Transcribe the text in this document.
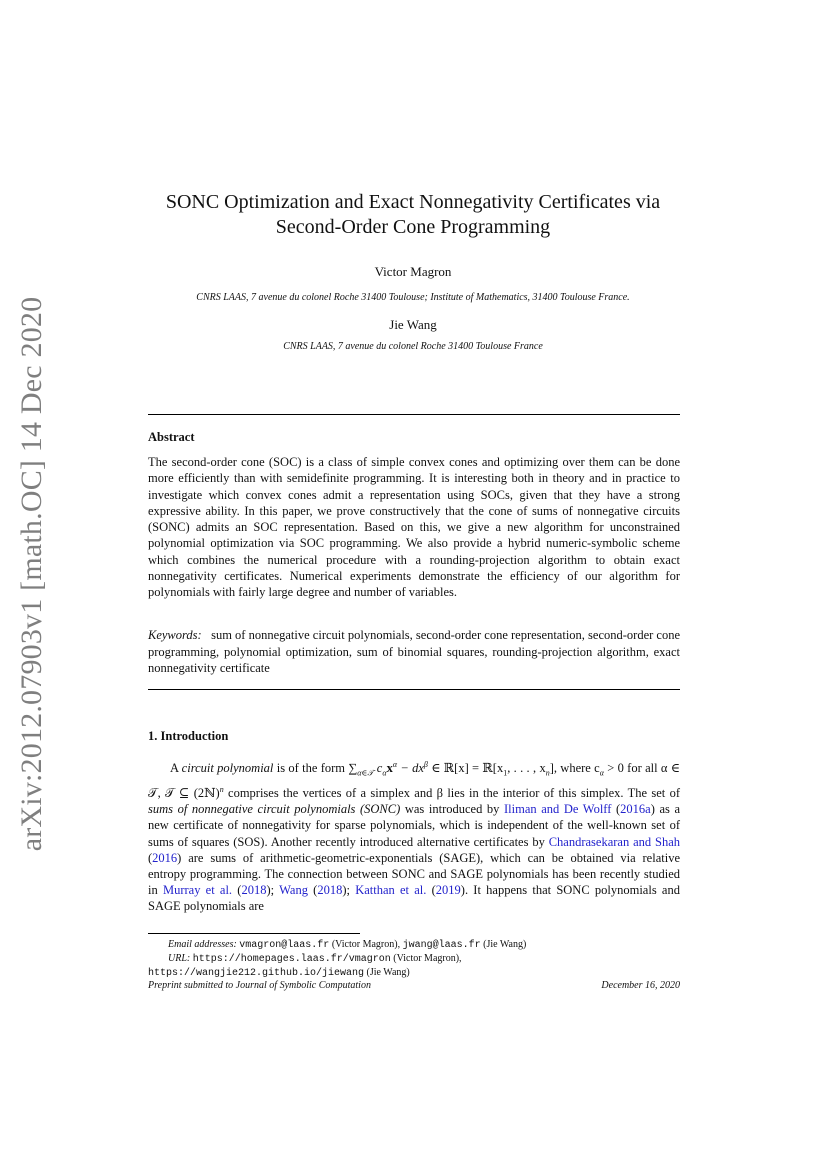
arXiv:2012.07903v1 [math.OC] 14 Dec 2020
SONC Optimization and Exact Nonnegativity Certificates via
Second-Order Cone Programming
Victor Magron
CNRS LAAS, 7 avenue du colonel Roche 31400 Toulouse; Institute of Mathematics, 31400 Toulouse France.
Jie Wang
CNRS LAAS, 7 avenue du colonel Roche 31400 Toulouse France
Abstract
The second-order cone (SOC) is a class of simple convex cones and optimizing over them can be done more efficiently than with semidefinite programming. It is interesting both in theory and in practice to investigate which convex cones admit a representation using SOCs, given that they have a strong expressive ability. In this paper, we prove constructively that the cone of sums of nonnegative circuits (SONC) admits an SOC representation. Based on this, we give a new algorithm for unconstrained polynomial optimization via SOC programming. We also provide a hybrid numeric-symbolic scheme which combines the numerical procedure with a rounding-projection algorithm to obtain exact nonnegativity certificates. Numerical experiments demonstrate the efficiency of our algorithm for polynomials with fairly large degree and number of variables.
Keywords: sum of nonnegative circuit polynomials, second-order cone representation, second-order cone programming, polynomial optimization, sum of binomial squares, rounding-projection algorithm, exact nonnegativity certificate
1. Introduction
A circuit polynomial is of the form $\sum_{\alpha\in 𝒯}$ $c_\alpha x^\alpha - dx^\beta$ ∈ ℝ[x] = $ℝ[x_1$, . . . , $x_n$], where $c_\alpha > 0$ for all α ∈ 𝒯, 𝒯 ⊆ (2ℕ)$^n$ comprises the vertices of a simplex and β lies in the interior of this simplex. The set of sums of nonnegative circuit polynomials (SONC) was introduced by Iliman and De Wolff (2016a) as a new certificate of nonnegativity for sparse polynomials, which is independent of the well-known set of sums of squares (SOS). Another recently introduced alternative certificates by Chandrasekaran and Shah (2016) are sums of arithmetic-geometric-exponentials (SAGE), which can be obtained via relative entropy programming. The connection between SONC and SAGE polynomials has been recently studied in Murray et al. (2018); Wang (2018); Katthan et al. (2019). It happens that SONC polynomials and SAGE polynomials are
Email addresses: vmagron@laas.fr (Victor Magron), jwang@laas.fr (Jie Wang)
URL: https://homepages.laas.fr/vmagron (Victor Magron),
https://wangjie212.github.io/jiewang (Jie Wang)
Preprint submitted to Journal of Symbolic Computation	December 16, 2020
